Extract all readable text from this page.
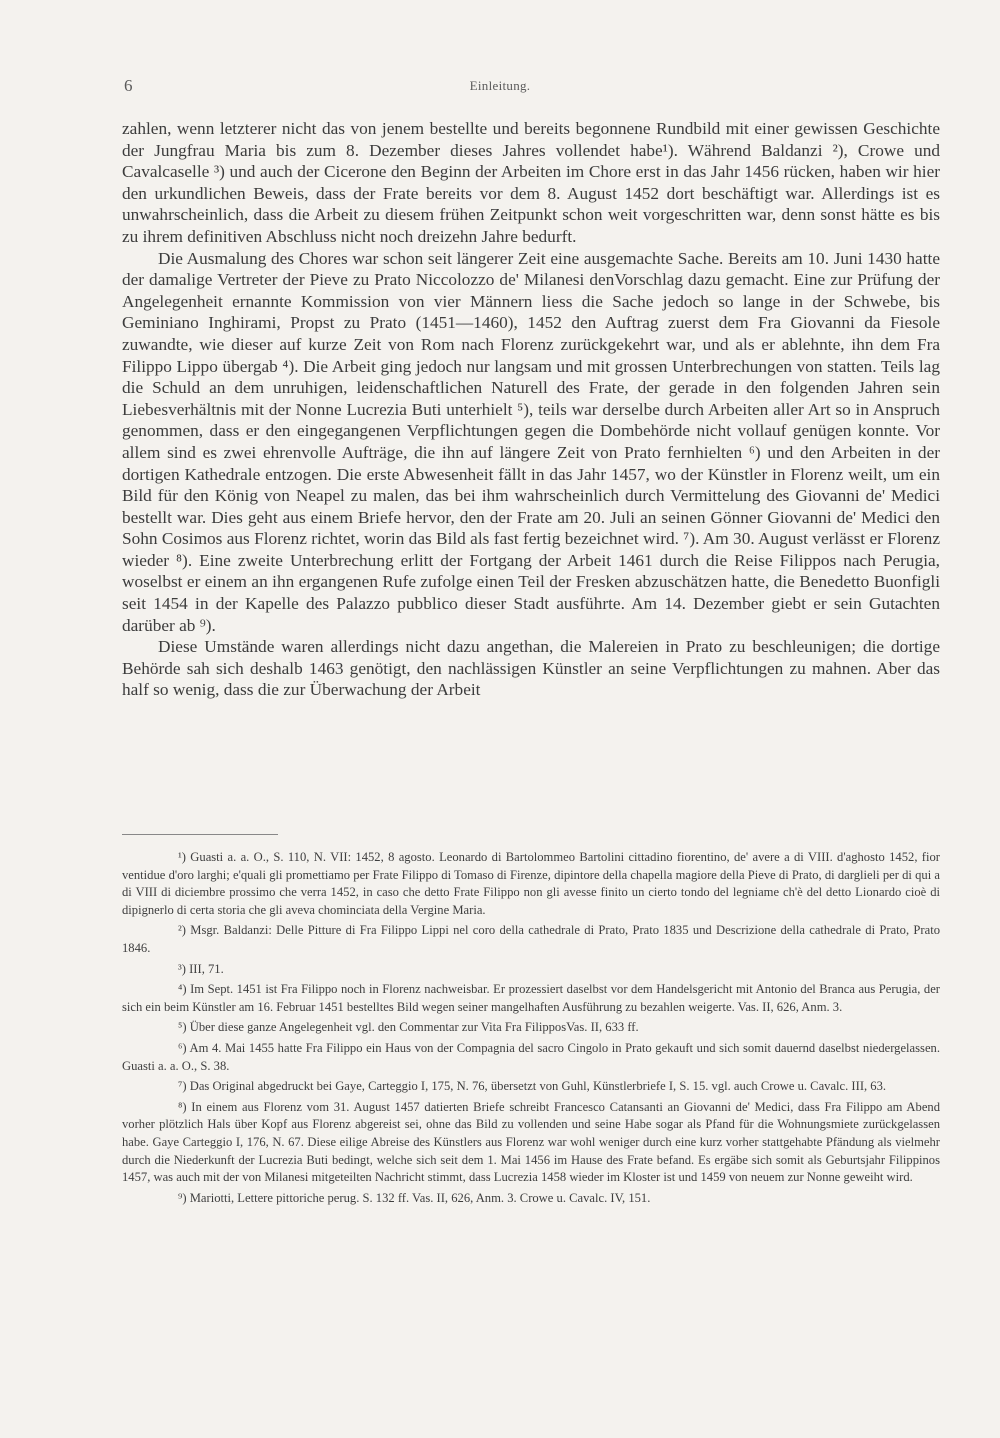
6	Einleitung.

zahlen, wenn letzterer nicht das von jenem bestellte und bereits begonnene Rundbild mit einer gewissen Geschichte der Jungfrau Maria bis zum 8. Dezember dieses Jahres vollendet habe¹). Während Baldanzi ²), Crowe und Cavalcaselle ³) und auch der Cicerone den Beginn der Arbeiten im Chore erst in das Jahr 1456 rücken, haben wir hier den urkundlichen Beweis, dass der Frate bereits vor dem 8. August 1452 dort beschäftigt war. Allerdings ist es unwahrscheinlich, dass die Arbeit zu diesem frühen Zeitpunkt schon weit vorgeschritten war, denn sonst hätte es bis zu ihrem definitiven Abschluss nicht noch dreizehn Jahre bedurft.

Die Ausmalung des Chores war schon seit längerer Zeit eine ausgemachte Sache. Bereits am 10. Juni 1430 hatte der damalige Vertreter der Pieve zu Prato Niccolozzo de' Milanesi denVorschlag dazu gemacht. Eine zur Prüfung der Angelegenheit ernannte Kommission von vier Männern liess die Sache jedoch so lange in der Schwebe, bis Geminiano Inghirami, Propst zu Prato (1451—1460), 1452 den Auftrag zuerst dem Fra Giovanni da Fiesole zuwandte, wie dieser auf kurze Zeit von Rom nach Florenz zurückgekehrt war, und als er ablehnte, ihn dem Fra Filippo Lippo übergab ⁴). Die Arbeit ging jedoch nur langsam und mit grossen Unterbrechungen von statten. Teils lag die Schuld an dem unruhigen, leidenschaftlichen Naturell des Frate, der gerade in den folgenden Jahren sein Liebesverhältnis mit der Nonne Lucrezia Buti unterhielt ⁵), teils war derselbe durch Arbeiten aller Art so in Anspruch genommen, dass er den eingegangenen Verpflichtungen gegen die Dombehörde nicht vollauf genügen konnte. Vor allem sind es zwei ehrenvolle Aufträge, die ihn auf längere Zeit von Prato fernhielten ⁶) und den Arbeiten in der dortigen Kathedrale entzogen. Die erste Abwesenheit fällt in das Jahr 1457, wo der Künstler in Florenz weilt, um ein Bild für den König von Neapel zu malen, das bei ihm wahrscheinlich durch Vermittelung des Giovanni de' Medici bestellt war. Dies geht aus einem Briefe hervor, den der Frate am 20. Juli an seinen Gönner Giovanni de' Medici den Sohn Cosimos aus Florenz richtet, worin das Bild als fast fertig bezeichnet wird. ⁷). Am 30. August verlässt er Florenz wieder ⁸). Eine zweite Unterbrechung erlitt der Fortgang der Arbeit 1461 durch die Reise Filippos nach Perugia, woselbst er einem an ihn ergangenen Rufe zufolge einen Teil der Fresken abzuschätzen hatte, die Benedetto Buonfigli seit 1454 in der Kapelle des Palazzo pubblico dieser Stadt ausführte. Am 14. Dezember giebt er sein Gutachten darüber ab ⁹).

Diese Umstände waren allerdings nicht dazu angethan, die Malereien in Prato zu beschleunigen; die dortige Behörde sah sich deshalb 1463 genötigt, den nachlässigen Künstler an seine Verpflichtungen zu mahnen. Aber das half so wenig, dass die zur Überwachung der Arbeit

¹) Guasti a. a. O., S. 110, N. VII: 1452, 8 agosto. Leonardo di Bartolommeo Bartolini cittadino fiorentino, de' avere a di VIII. d'aghosto 1452, fior ventidue d'oro larghi; e'quali gli promettiamo per Frate Filippo di Tomaso di Firenze, dipintore della chapella magiore della Pieve di Prato, di darglieli per di qui a di VIII di diciembre prossimo che verra 1452, in caso che detto Frate Filippo non gli avesse finito un cierto tondo del legniame ch'è del detto Lionardo cioè di dipignerlo di certa storia che gli aveva chominciata della Vergine Maria.

²) Msgr. Baldanzi: Delle Pitture di Fra Filippo Lippi nel coro della cathedrale di Prato, Prato 1835 und Descrizione della cathedrale di Prato, Prato 1846.

³) III, 71.

⁴) Im Sept. 1451 ist Fra Filippo noch in Florenz nachweisbar. Er prozessiert daselbst vor dem Handelsgericht mit Antonio del Branca aus Perugia, der sich ein beim Künstler am 16. Februar 1451 bestelltes Bild wegen seiner mangelhaften Ausführung zu bezahlen weigerte. Vas. II, 626, Anm. 3.

⁵) Über diese ganze Angelegenheit vgl. den Commentar zur Vita Fra FilipposVas. II, 633 ff.

⁶) Am 4. Mai 1455 hatte Fra Filippo ein Haus von der Compagnia del sacro Cingolo in Prato gekauft und sich somit dauernd daselbst niedergelassen. Guasti a. a. O., S. 38.

⁷) Das Original abgedruckt bei Gaye, Carteggio I, 175, N. 76, übersetzt von Guhl, Künstlerbriefe I, S. 15. vgl. auch Crowe u. Cavalc. III, 63.

⁸) In einem aus Florenz vom 31. August 1457 datierten Briefe schreibt Francesco Catansanti an Giovanni de' Medici, dass Fra Filippo am Abend vorher plötzlich Hals über Kopf aus Florenz abgereist sei, ohne das Bild zu vollenden und seine Habe sogar als Pfand für die Wohnungsmiete zurückgelassen habe. Gaye Carteggio I, 176, N. 67. Diese eilige Abreise des Künstlers aus Florenz war wohl weniger durch eine kurz vorher stattgehabte Pfändung als vielmehr durch die Niederkunft der Lucrezia Buti bedingt, welche sich seit dem 1. Mai 1456 im Hause des Frate befand. Es ergäbe sich somit als Geburtsjahr Filippinos 1457, was auch mit der von Milanesi mitgeteilten Nachricht stimmt, dass Lucrezia 1458 wieder im Kloster ist und 1459 von neuem zur Nonne geweiht wird.

⁹) Mariotti, Lettere pittoriche perug. S. 132 ff. Vas. II, 626, Anm. 3. Crowe u. Cavalc. IV, 151.
